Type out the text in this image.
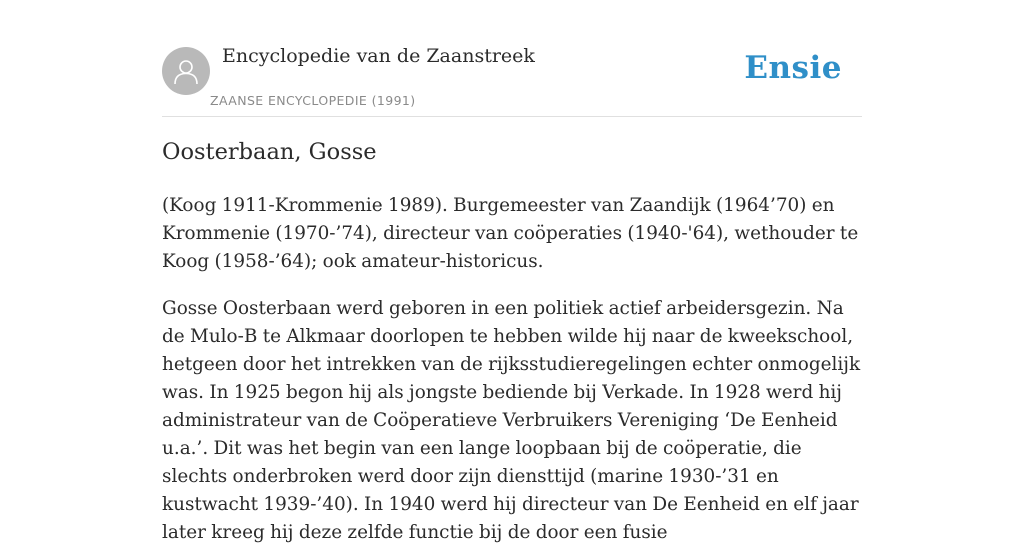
Encyclopedie van de Zaanstreek
ZAANSE ENCYCLOPEDIE (1991)
Ensie
Oosterbaan, Gosse

(Koog 1911-Krommenie 1989). Burgemeester van Zaandijk (1964’70) en Krommenie (1970-’74), directeur van coöperaties (1940-'64), wethouder te Koog (1958-’64); ook amateur-historicus.

Gosse Oosterbaan werd geboren in een politiek actief arbeidersgezin. Na de Mulo-B te Alkmaar doorlopen te hebben wilde hij naar de kweekschool, hetgeen door het intrekken van de rijksstudieregelingen echter onmogelijk was. In 1925 begon hij als jongste bediende bij Verkade. In 1928 werd hij administrateur van de Coöperatieve Verbruikers Vereniging ‘De Eenheid u.a.’. Dit was het begin van een lange loopbaan bij de coöperatie, die slechts onderbroken werd door zijn diensttijd (marine 1930-’31 en kustwacht 1939-’40). In 1940 werd hij directeur van De Eenheid en elf jaar later kreeg hij deze zelfde functie bij de door een fusie
